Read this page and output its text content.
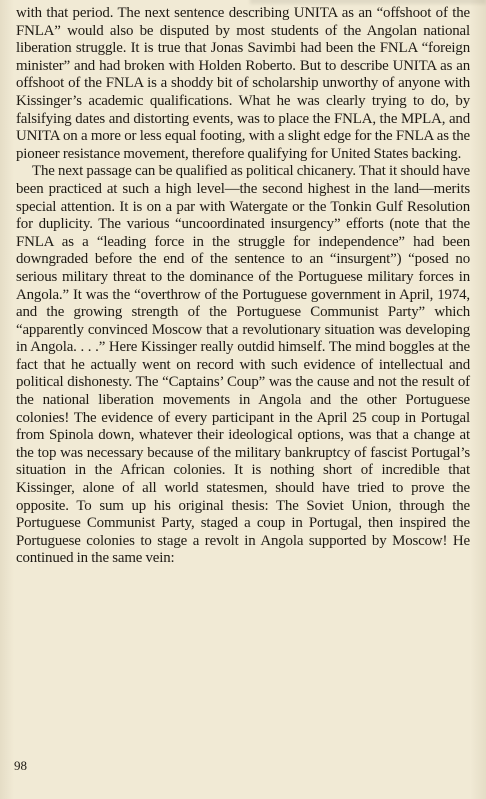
with that period. The next sentence describing UNITA as an “offshoot of the FNLA” would also be disputed by most students of the Angolan national liberation struggle. It is true that Jonas Savimbi had been the FNLA “foreign minister” and had broken with Holden Roberto. But to describe UNITA as an offshoot of the FNLA is a shoddy bit of scholarship unworthy of anyone with Kissinger’s academic qualifications. What he was clearly trying to do, by falsifying dates and distorting events, was to place the FNLA, the MPLA, and UNITA on a more or less equal footing, with a slight edge for the FNLA as the pioneer resistance movement, therefore qualifying for United States backing.

The next passage can be qualified as political chicanery. That it should have been practiced at such a high level—the second highest in the land—merits special attention. It is on a par with Watergate or the Tonkin Gulf Resolution for duplicity. The various “uncoordinated insurgency” efforts (note that the FNLA as a “leading force in the struggle for independence” had been downgraded before the end of the sentence to an “insurgent”) “posed no serious military threat to the dominance of the Portuguese military forces in Angola.” It was the “overthrow of the Portuguese government in April, 1974, and the growing strength of the Portuguese Communist Party” which “apparently convinced Moscow that a revolutionary situation was developing in Angola. . . .” Here Kissinger really outdid himself. The mind boggles at the fact that he actually went on record with such evidence of intellectual and political dishonesty. The “Captains’ Coup” was the cause and not the result of the national liberation movements in Angola and the other Portuguese colonies! The evidence of every participant in the April 25 coup in Portugal from Spinola down, whatever their ideological options, was that a change at the top was necessary because of the military bankruptcy of fascist Portugal’s situation in the African colonies. It is nothing short of incredible that Kissinger, alone of all world statesmen, should have tried to prove the opposite. To sum up his original thesis: The Soviet Union, through the Portuguese Communist Party, staged a coup in Portugal, then inspired the Portuguese colonies to stage a revolt in Angola supported by Moscow! He continued in the same vein:

98
